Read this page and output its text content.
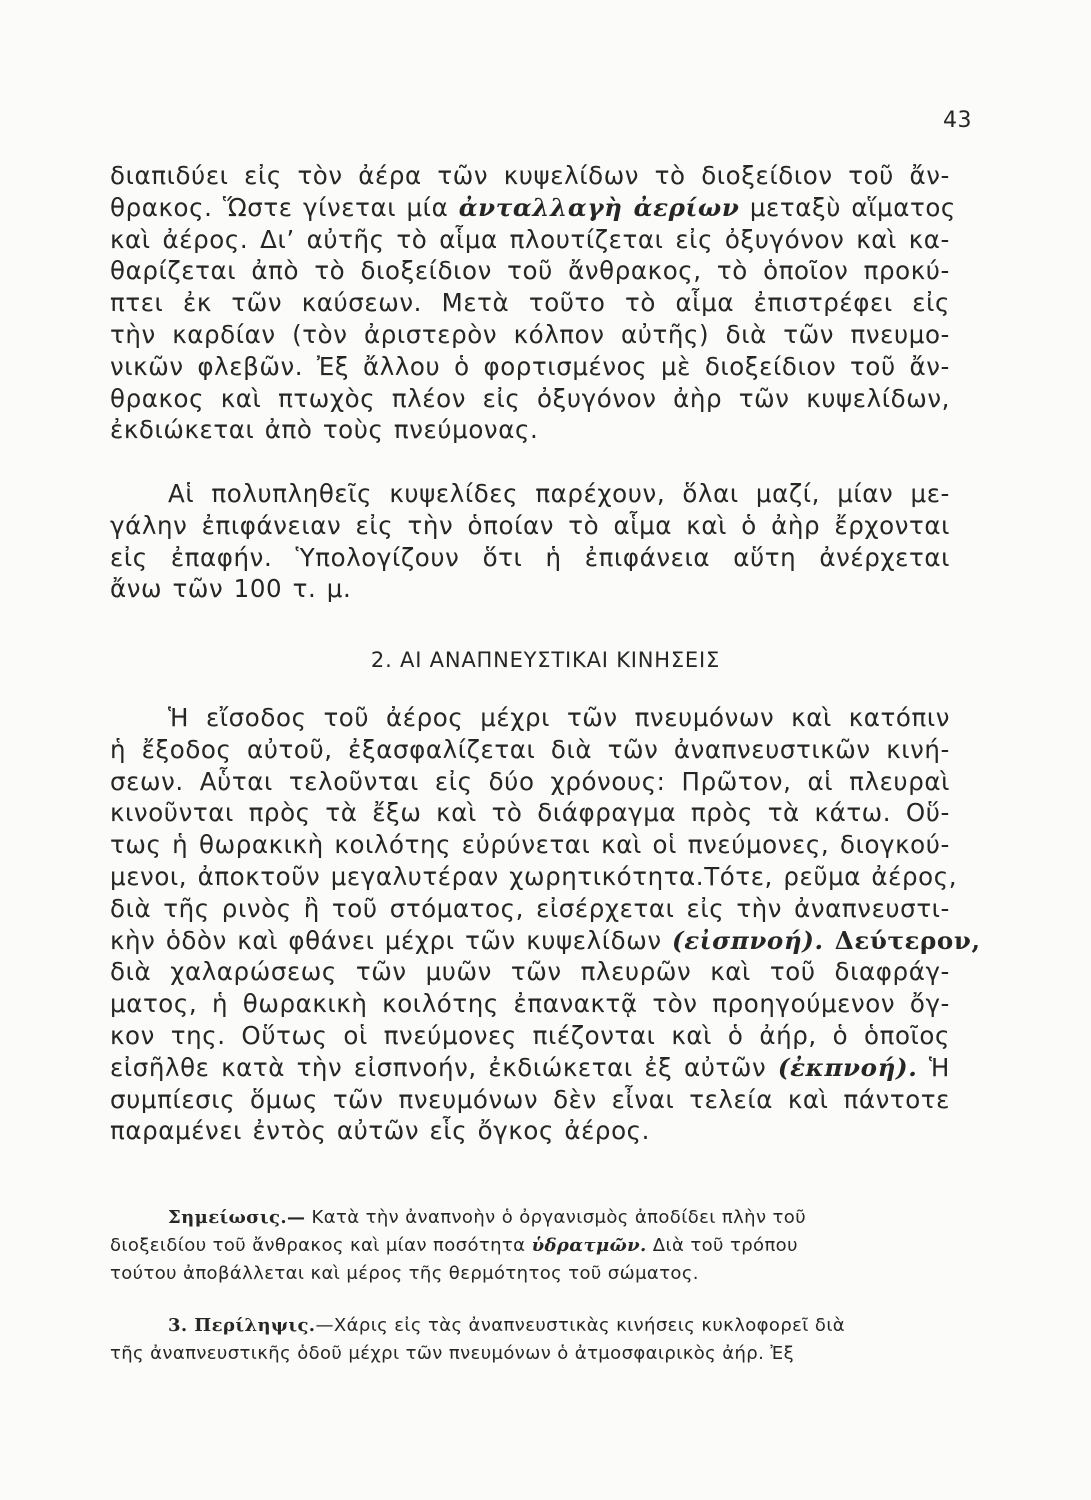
43
διαπιδύει εἰς τὸν ἀέρα τῶν κυψελίδων τὸ διοξείδιον τοῦ ἄν-
θρακος. Ὥστε γίνεται μία ἀνταλλαγὴ ἀερίων μεταξὺ αἵματος
καὶ ἀέρος. Δι’ αὐτῆς τὸ αἷμα πλουτίζεται εἰς ὀξυγόνον καὶ κα-
θαρίζεται ἀπὸ τὸ διοξείδιον τοῦ ἄνθρακος, τὸ ὁποῖον προκύ-
πτει ἐκ τῶν καύσεων. Μετὰ τοῦτο τὸ αἷμα ἐπιστρέφει εἰς
τὴν καρδίαν (τὸν ἀριστερὸν κόλπον αὐτῆς) διὰ τῶν πνευμο-
νικῶν φλεβῶν. Ἐξ ἄλλου ὁ φορτισμένος μὲ διοξείδιον τοῦ ἄν-
θρακος καὶ πτωχὸς πλέον εἰς ὀξυγόνον ἀὴρ τῶν κυψελίδων,
ἐκδιώκεται ἀπὸ τοὺς πνεύμονας.
Αἱ πολυπληθεῖς κυψελίδες παρέχουν, ὅλαι μαζί, μίαν με-
γάλην ἐπιφάνειαν εἰς τὴν ὁποίαν τὸ αἷμα καὶ ὁ ἀὴρ ἔρχονται
εἰς ἐπαφήν. Ὑπολογίζουν ὅτι ἡ ἐπιφάνεια αὕτη ἀνέρχεται
ἄνω τῶν 100 τ. μ.
2. ΑΙ ΑΝΑΠΝΕΥΣΤΙΚΑΙ ΚΙΝΗΣΕΙΣ
Ἡ εἴσοδος τοῦ ἀέρος μέχρι τῶν πνευμόνων καὶ κατόπιν
ἡ ἔξοδος αὐτοῦ, ἐξασφαλίζεται διὰ τῶν ἀναπνευστικῶν κινή-
σεων. Αὗται τελοῦνται εἰς δύο χρόνους: Πρῶτον, αἱ πλευραὶ
κινοῦνται πρὸς τὰ ἔξω καὶ τὸ διάφραγμα πρὸς τὰ κάτω. Οὕ-
τως ἡ θωρακικὴ κοιλότης εὐρύνεται καὶ οἱ πνεύμονες, διογκού-
μενοι, ἀποκτοῦν μεγαλυτέραν χωρητικότητα.Τότε, ρεῦμα ἀέρος,
διὰ τῆς ρινὸς ἢ τοῦ στόματος, εἰσέρχεται εἰς τὴν ἀναπνευστι-
κὴν ὁδὸν καὶ φθάνει μέχρι τῶν κυψελίδων (εἰσπνοή). Δεύτερον,
διὰ χαλαρώσεως τῶν μυῶν τῶν πλευρῶν καὶ τοῦ διαφράγ-
ματος, ἡ θωρακικὴ κοιλότης ἐπανακτᾷ τὸν προηγούμενον ὄγ-
κον της. Οὕτως οἱ πνεύμονες πιέζονται καὶ ὁ ἀήρ, ὁ ὁποῖος
εἰσῆλθε κατὰ τὴν εἰσπνοήν, ἐκδιώκεται ἐξ αὐτῶν (ἐκπνοή). Ἡ
συμπίεσις ὅμως τῶν πνευμόνων δὲν εἶναι τελεία καὶ πάντοτε
παραμένει ἐντὸς αὐτῶν εἷς ὄγκος ἀέρος.
Σημείωσις.— Κατὰ τὴν ἀναπνοὴν ὁ ὀργανισμὸς ἀποδίδει πλὴν τοῦ
διοξειδίου τοῦ ἄνθρακος καὶ μίαν ποσότητα ὑδρατμῶν. Διὰ τοῦ τρόπου
τούτου ἀποβάλλεται καὶ μέρος τῆς θερμότητος τοῦ σώματος.
3. Περίληψις.—Χάρις εἰς τὰς ἀναπνευστικὰς κινήσεις κυκλοφορεῖ διὰ
τῆς ἀναπνευστικῆς ὁδοῦ μέχρι τῶν πνευμόνων ὁ ἀτμοσφαιρικὸς ἀήρ. Ἐξ
